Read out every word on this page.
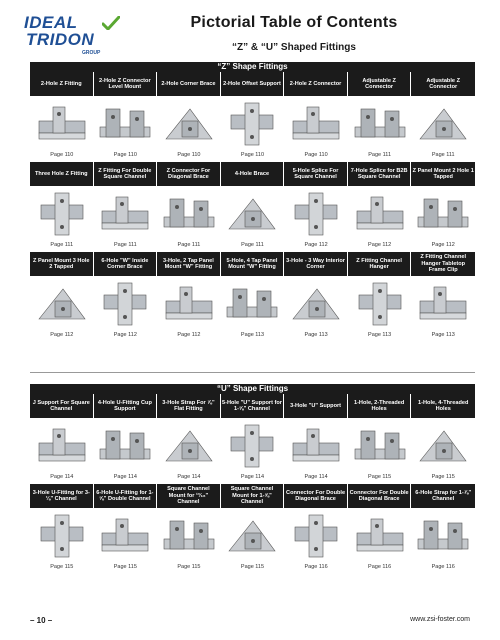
IDEAL
TRIDON
GROUP
Pictorial Table of Contents
“Z” & “U” Shaped Fittings
“Z” Shape Fittings
2-Hole Z Fitting
Page 110
2-Hole Z Connector Level Mount
Page 110
2-Hole Corner Brace
Page 110
2-Hole Offset Support
Page 110
2-Hole Z Connector
Page 110
Adjustable Z Connector
Page 111
Adjustable Z Connector
Page 111
Three Hole Z Fitting
Page 111
Z Fitting For Double Square Channel
Page 111
Z Connector For Diagonal Brace
Page 111
4-Hole Brace
Page 111
5-Hole Splice For Square Channel
Page 112
7-Hole Splice for B2B Square Channel
Page 112
Z Panel Mount 2 Hole 1 Tapped
Page 112
Z Panel Mount 3 Hole 2 Tapped
Page 112
6-Hole "W" Inside Corner Brace
Page 112
3-Hole, 2 Tap Panel Mount "W" Fitting
Page 112
5-Hole, 4 Tap Panel Mount "W" Fitting
Page 113
3-Hole - 3 Way Interior Corner
Page 113
Z Fitting Channel Hanger
Page 113
Z Fitting Channel Hanger Tabletop Frame Clip
Page 113
“U” Shape Fittings
J Support For Square Channel
Page 114
4-Hole U-Fitting Cup Support
Page 114
3-Hole Strap For ⅞" Flat Fitting
Page 114
5-Hole "U" Support for 1-⅝" Channel
Page 114
3-Hole "U" Support
Page 114
1-Hole, 2-Threaded Holes
Page 115
1-Hole, 4-Threaded Holes
Page 115
3-Hole U-Fitting for 3-⅛" Channel
Page 115
6-Hole U-Fitting for 1-⅝" Double Channel
Page 115
Square Channel Mount for ¹³⁄₁₆" Channel
Page 115
Square Channel Mount for 1-⅝" Channel
Page 115
Connector For Double Diagonal Brace
Page 116
Connector For Double Diagonal Brace
Page 116
6-Hole Strap for 1-⅞" Channel
Page 116
– 10 –	www.zsi-foster.com
